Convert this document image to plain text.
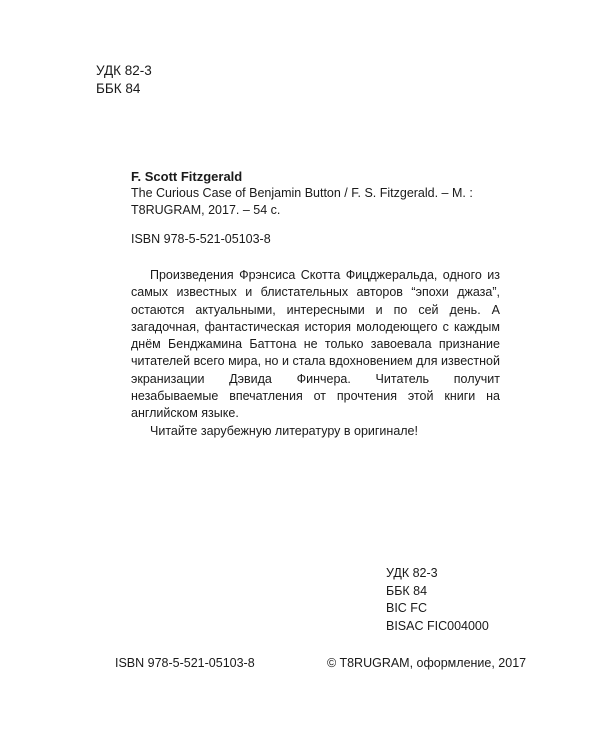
УДК 82-3
ББК 84
F. Scott Fitzgerald
The Curious Case of Benjamin Button / F. S. Fitzgerald. – M. : T8RUGRAM, 2017. – 54 c.
ISBN 978-5-521-05103-8

Произведения Фрэнсиса Скотта Фицджеральда, одного из самых известных и блистательных авторов “эпохи джаза”, остаются актуальными, интересными и по сей день. А загадочная, фантастическая история молодеющего с каждым днём Бенджамина Баттона не только завоевала признание читателей всего мира, но и стала вдохновением для известной экранизации Дэвида Финчера. Читатель получит незабываемые впечатления от прочтения этой книги на английском языке.

Читайте зарубежную литературу в оригинале!

УДК 82-3
ББК 84
BIC FC
BISAC FIC004000
ISBN 978-5-521-05103-8	© T8RUGRAM, оформление, 2017
